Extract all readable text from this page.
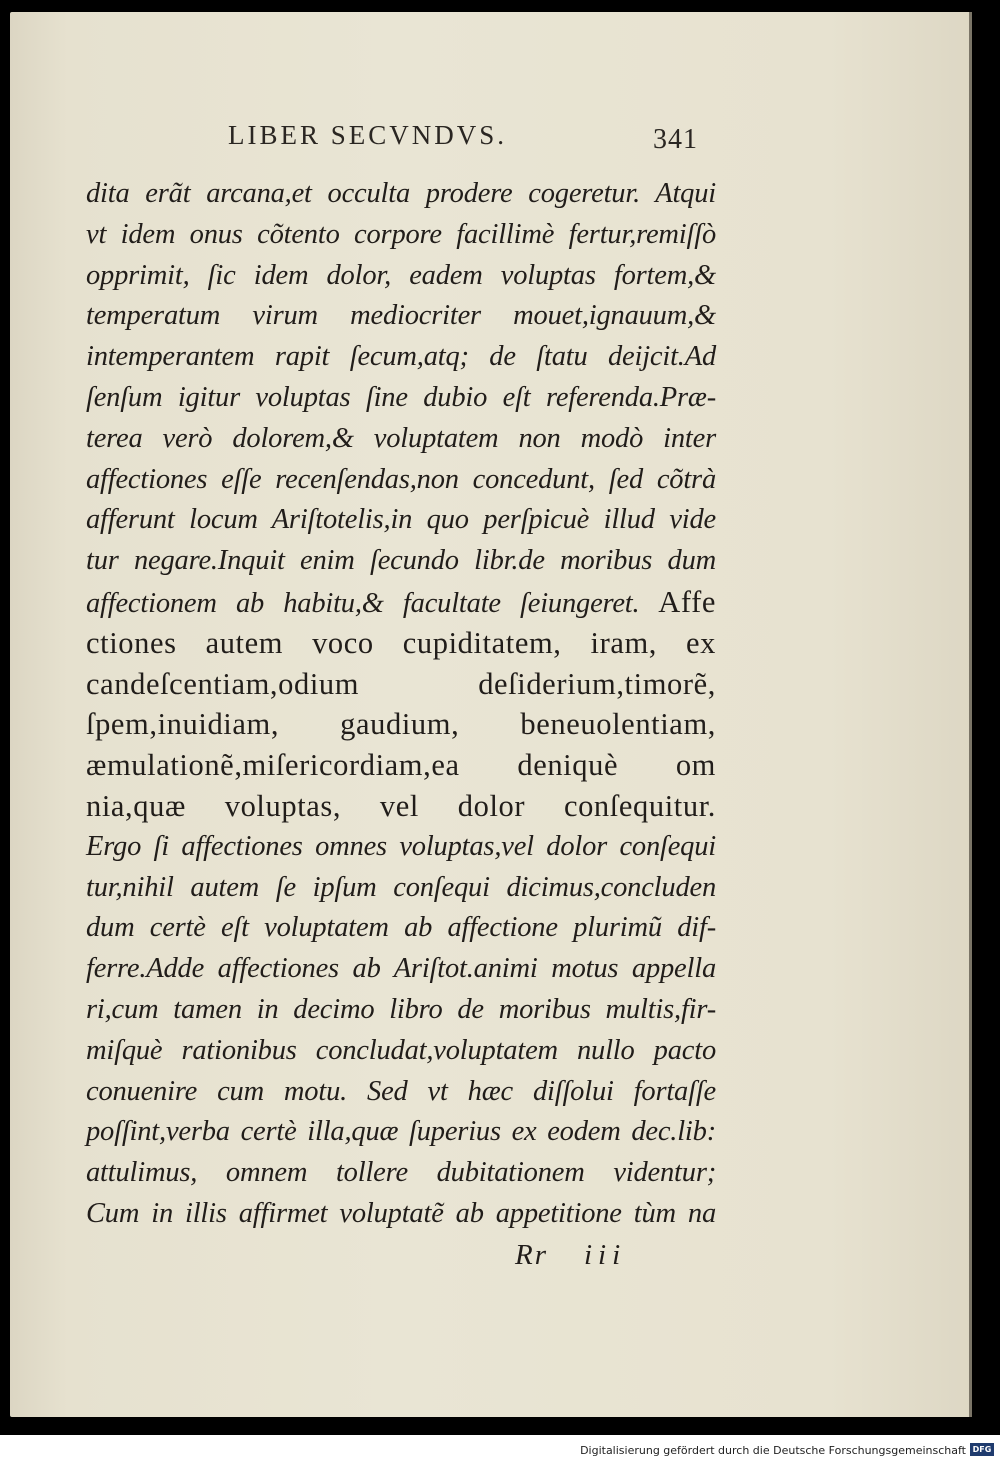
LIBER SECVNDVS.	341
dita erãt arcana,et occulta prodere cogeretur. Atqui
vt idem onus cõtento corpore facillimè fertur,remiſſò
opprimit, ſic idem dolor, eadem voluptas fortem,&
temperatum virum mediocriter mouet,ignauum,&
intemperantem rapit ſecum,atq; de ſtatu deijcit.Ad
ſenſum igitur voluptas ſine dubio eſt referenda.Præ-
terea verò dolorem,& voluptatem non modò inter
affectiones eſſe recenſendas,non concedunt, ſed cõtrà
afferunt locum Ariſtotelis,in quo perſpicuè illud vide
tur negare.Inquit enim ſecundo libr.de moribus dum
affectionem ab habitu,& facultate ſeiungeret. Affe
ctiones autem voco cupiditatem, iram, ex
candeſcentiam,odium deſiderium,timorẽ,
ſpem,inuidiam, gaudium, beneuolentiam,
æmulationẽ,miſericordiam,ea deniquè om
nia,quæ voluptas, vel dolor conſequitur.
Ergo ſi affectiones omnes voluptas,vel dolor conſequi
tur,nihil autem ſe ipſum conſequi dicimus,concluden
dum certè eſt voluptatem ab affectione plurimũ dif-
ferre.Adde affectiones ab Ariſtot.animi motus appella
ri,cum tamen in decimo libro de moribus multis,fir-
miſquè rationibus concludat,voluptatem nullo pacto
conuenire cum motu. Sed vt hæc diſſolui fortaſſe
poſſint,verba certè illa,quæ ſuperius ex eodem dec.lib:
attulimus, omnem tollere dubitationem videntur;
Cum in illis affirmet voluptatẽ ab appetitione tùm na
Rr iii
Digitalisierung gefördert durch die Deutsche Forschungsgemeinschaft DFG
